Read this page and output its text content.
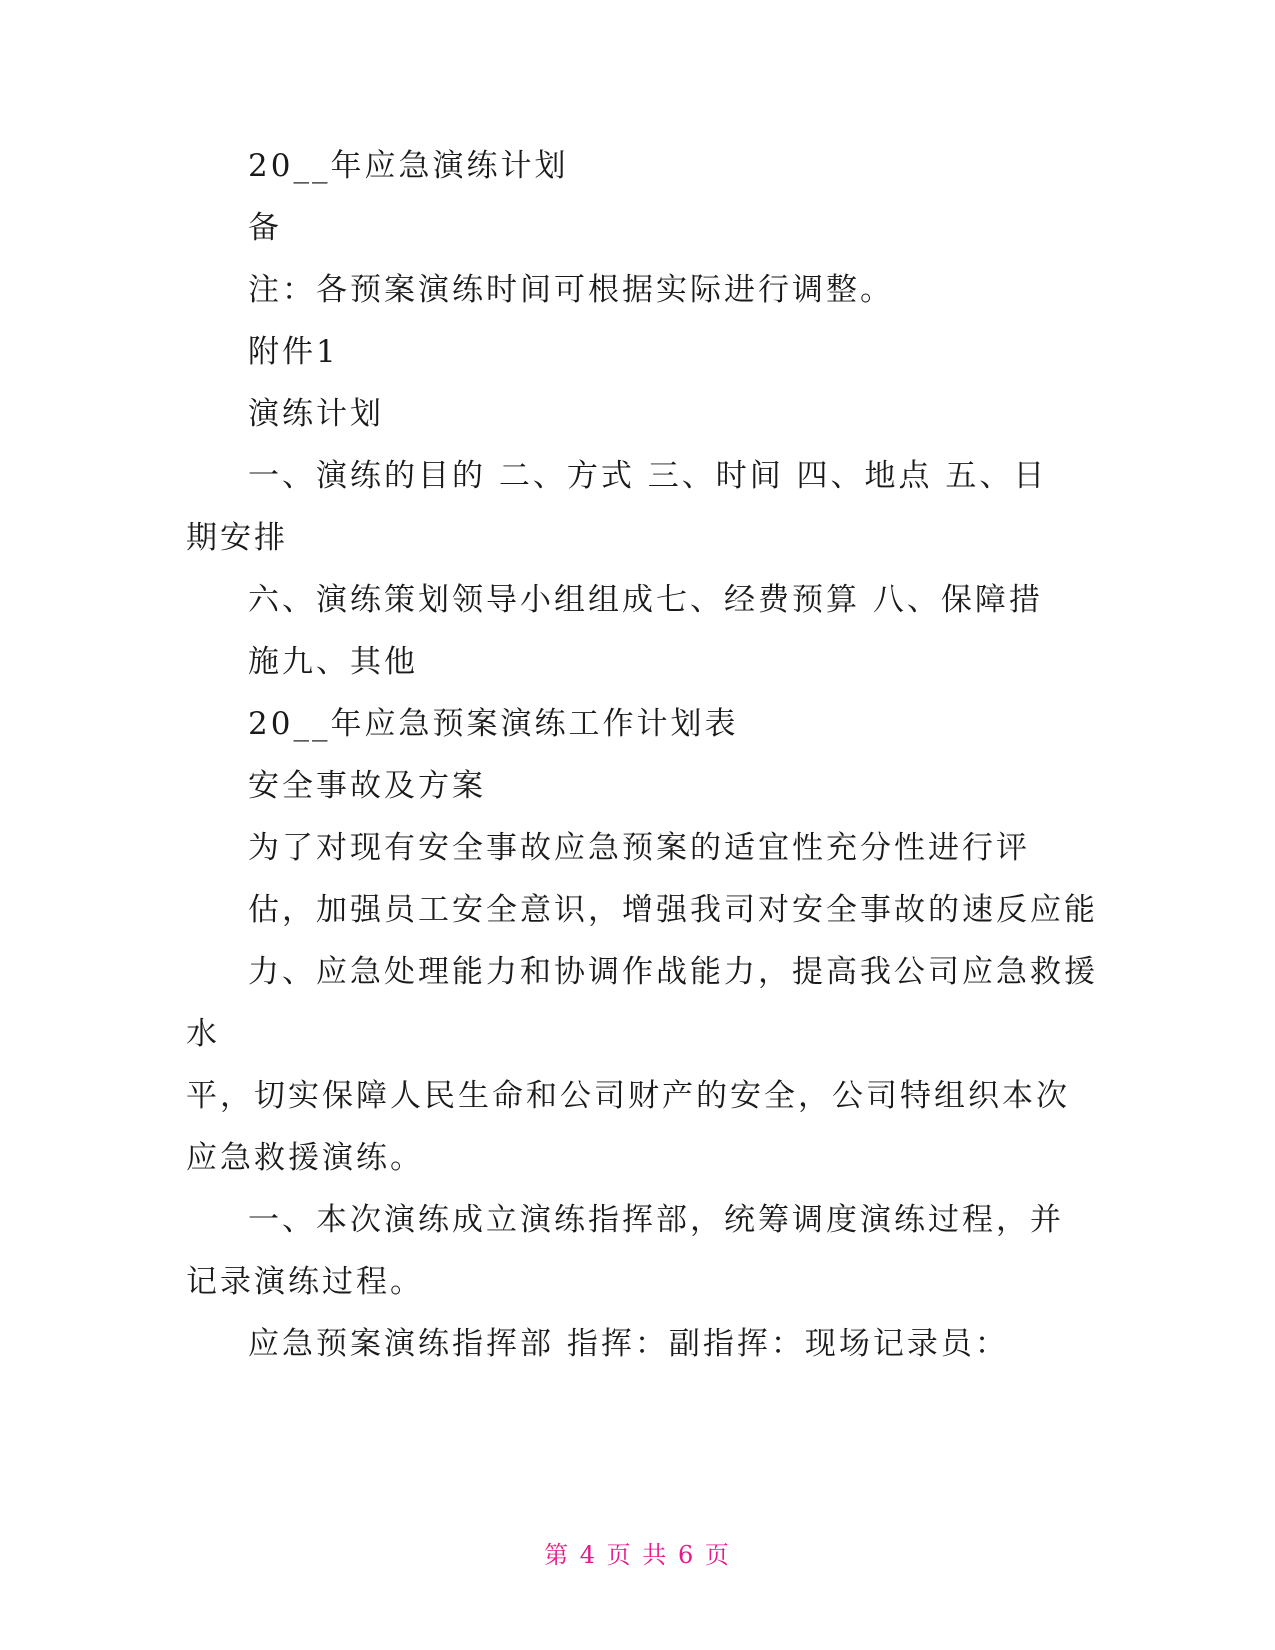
20__年应急演练计划
备
注：各预案演练时间可根据实际进行调整。
附件1
演练计划
一、演练的目的 二、方式 三、时间 四、地点 五、日
期安排
六、演练策划领导小组组成七、经费预算 八、保障措
施九、其他
20__年应急预案演练工作计划表
安全事故及方案
为了对现有安全事故应急预案的适宜性充分性进行评
估，加强员工安全意识，增强我司对安全事故的速反应能
力、应急处理能力和协调作战能力，提高我公司应急救援
水
平，切实保障人民生命和公司财产的安全，公司特组织本次
应急救援演练。
一、本次演练成立演练指挥部，统筹调度演练过程，并
记录演练过程。
应急预案演练指挥部 指挥：副指挥：现场记录员：
第 4 页 共 6 页
